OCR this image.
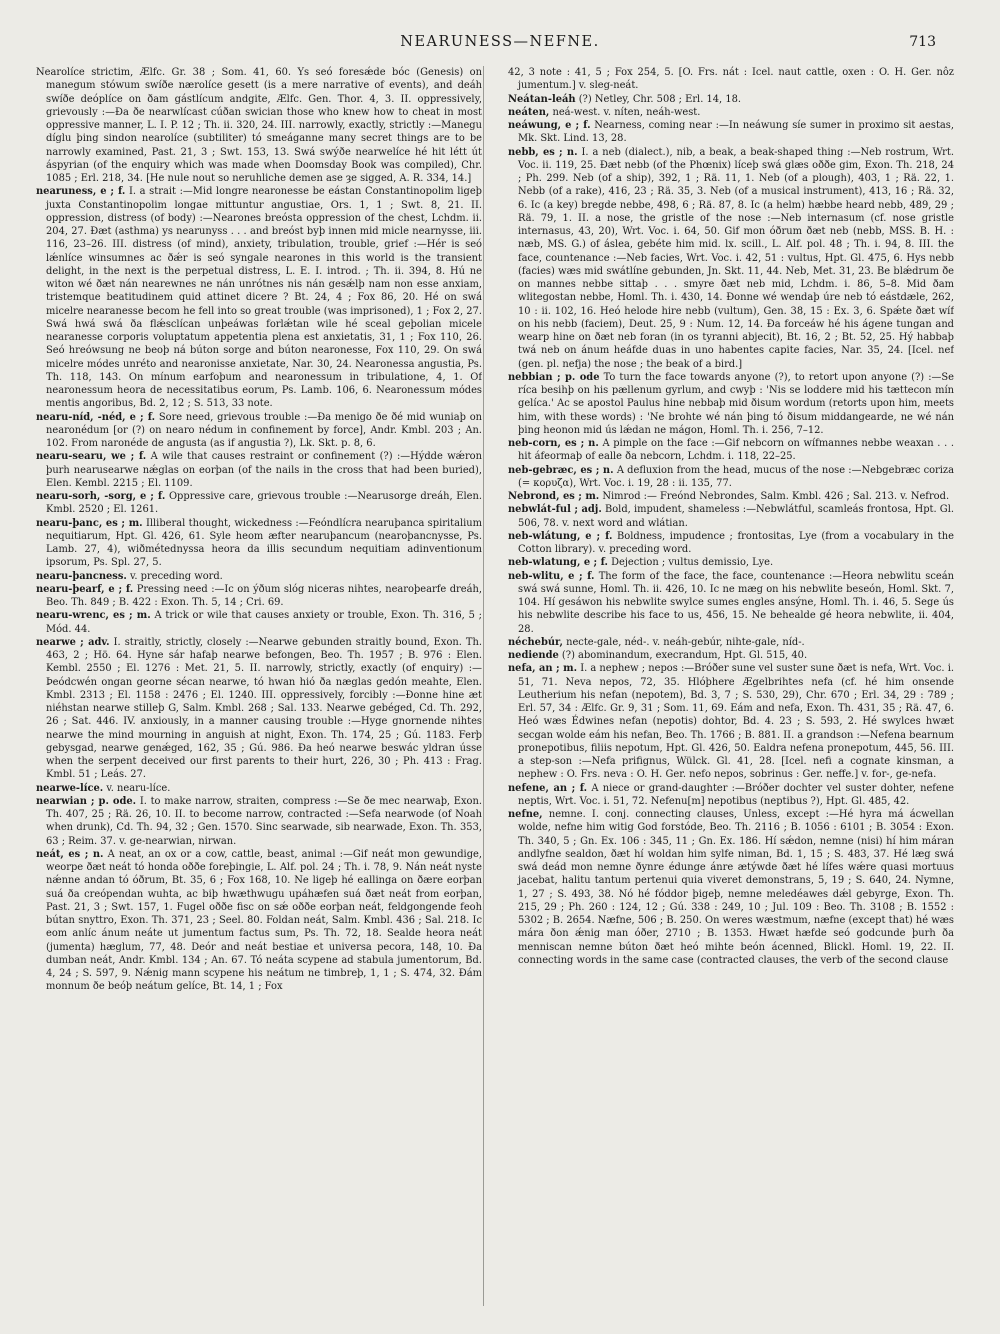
NEARUNESS—NEFNE.	713

Nearolíce strictim, Ælfc. Gr. 38 ; Som. 41, 60. Ys seó foresǽde bóc (Genesis) on manegum stówum swíðe nærolíce gesett (is a mere narrative of events), and deáh swíðe deóplíce on ðam gástlícum andgite, Ælfc. Gen. Thor. 4, 3. II. oppressively, grievously :—Ða ðe nearwlícast cúðan swician those who knew how to cheat in most oppressive manner, L. I. P. 12 ; Th. ii. 320, 24. III. narrowly, exactly, strictly :—Manegu díglu þing sindon nearolíce (subtiliter) tó smeáganne many secret things are to be narrowly examined, Past. 21, 3 ; Swt. 153, 13. Swá swýðe nearwelíce hé hit létt út áspyrian (of the enquiry which was made when Doomsday Book was compiled), Chr. 1085 ; Erl. 218, 34. [He nule nout so neruhliche demen ase ȝe sigged, A. R. 334, 14.]

nearuness, e ; f. I. a strait :—Mid longre nearonesse be eástan Constantinopolim ligeþ juxta Constantinopolim longae mittuntur angustiae, Ors. 1, 1 ; Swt. 8, 21. II. oppression, distress (of body) :—Nearones breósta oppression of the chest, Lchdm. ii. 204, 27. Ðæt (asthma) ys nearunyss . . . and breóst byþ innen mid micle nearnysse, iii. 116, 23–26. III. distress (of mind), anxiety, tribulation, trouble, grief :—Hér is seó lǽnlíce winsumnes ac ðǽr is seó syngale nearones in this world is the transient delight, in the next is the perpetual distress, L. E. I. introd. ; Th. ii. 394, 8. Hú ne witon wé ðæt nán nearewnes ne nán unrótnes nis nán gesǽlþ nam non esse anxiam, tristemque beatitudinem quid attinet dicere ? Bt. 24, 4 ; Fox 86, 20. Hé on swá micelre nearanesse becom he fell into so great trouble (was imprisoned), 1 ; Fox 2, 27. Swá hwá swá ða flǽsclícan unþeáwas forlǽtan wile hé sceal geþolian micele nearanesse corporis voluptatum appetentia plena est anxietatis, 31, 1 ; Fox 110, 26. Seó hreówsung ne beoþ ná búton sorge and búton nearonesse, Fox 110, 29. On swá micelre módes unréto and nearonisse anxietate, Nar. 30, 24. Nearonessa angustia, Ps. Th. 118, 143. On mínum earfoþum and nearonessum in tribulatione, 4, 1. Of nearonessum heora de necessitatibus eorum, Ps. Lamb. 106, 6. Nearonessum módes mentis angoribus, Bd. 2, 12 ; S. 513, 33 note.

nearu-níd, -néd, e ; f. Sore need, grievous trouble :—Ða menigo ðe ðé mid wuniaþ on nearonédum [or (?) on nearo nédum in confinement by force], Andr. Kmbl. 203 ; An. 102. From naronéde de angusta (as if angustia ?), Lk. Skt. p. 8, 6.

nearu-searu, we ; f. A wile that causes restraint or confinement (?) :—Hýdde wǽron þurh nearusearwe nǽglas on eorþan (of the nails in the cross that had been buried), Elen. Kembl. 2215 ; El. 1109.

nearu-sorh, -sorg, e ; f. Oppressive care, grievous trouble :—Nearusorge dreáh, Elen. Kmbl. 2520 ; El. 1261.

nearu-þanc, es ; m. Illiberal thought, wickedness :—Feóndlícra nearuþanca spiritalium nequitiarum, Hpt. Gl. 426, 61. Syle heom æfter nearuþancum (nearoþancnysse, Ps. Lamb. 27, 4), wiðmétednyssa heora da illis secundum nequitiam adinventionum ipsorum, Ps. Spl. 27, 5.

nearu-þancness. v. preceding word.

nearu-þearf, e ; f. Pressing need :—Ic on ýðum slóg niceras nihtes, nearoþearfe dreáh, Beo. Th. 849 ; B. 422 : Exon. Th. 5, 14 ; Cri. 69.

nearu-wrenc, es ; m. A trick or wile that causes anxiety or trouble, Exon. Th. 316, 5 ; Mód. 44.

nearwe ; adv. I. straitly, strictly, closely :—Nearwe gebunden straitly bound, Exon. Th. 463, 2 ; Hö. 64. Hyne sár hafaþ nearwe befongen, Beo. Th. 1957 ; B. 976 : Elen. Kembl. 2550 ; El. 1276 : Met. 21, 5. II. narrowly, strictly, exactly (of enquiry) :—Þeódcwén ongan georne sécan nearwe, tó hwan hió ða næglas gedón meahte, Elen. Kmbl. 2313 ; El. 1158 : 2476 ; El. 1240. III. oppressively, forcibly :—Ðonne hine æt niéhstan nearwe stilleþ G, Salm. Kmbl. 268 ; Sal. 133. Nearwe gebéged, Cd. Th. 292, 26 ; Sat. 446. IV. anxiously, in a manner causing trouble :—Hyge gnornende nihtes nearwe the mind mourning in anguish at night, Exon. Th. 174, 25 ; Gú. 1183. Ferþ gebysgad, nearwe genǽged, 162, 35 ; Gú. 986. Ða heó nearwe beswác yldran ússe when the serpent deceived our first parents to their hurt, 226, 30 ; Ph. 413 : Frag. Kmbl. 51 ; Leás. 27.

nearwe-líce. v. nearu-líce.

nearwian ; p. ode. I. to make narrow, straiten, compress :—Se ðe mec nearwaþ, Exon. Th. 407, 25 ; Rä. 26, 10. II. to become narrow, contracted :—Sefa nearwode (of Noah when drunk), Cd. Th. 94, 32 ; Gen. 1570. Sinc searwade, sib nearwade, Exon. Th. 353, 63 ; Reim. 37. v. ge-nearwian, nirwan.

neát, es ; n. A neat, an ox or a cow, cattle, beast, animal :—Gif neát mon gewundige, weorpe ðæt neát tó honda oððe foreþingie, L. Alf. pol. 24 ; Th. i. 78, 9. Nán neát nyste nǽnne andan tó óðrum, Bt. 35, 6 ; Fox 168, 10. Ne ligeþ hé eallinga on ðære eorþan suá ða creópendan wuhta, ac biþ hwæthwugu upáhæfen suá ðæt neát from eorþan, Past. 21, 3 ; Swt. 157, 1. Fugel oððe fisc on sǽ oððe eorþan neát, feldgongende feoh bútan snyttro, Exon. Th. 371, 23 ; Seel. 80. Foldan neát, Salm. Kmbl. 436 ; Sal. 218. Ic eom anlíc ánum neáte ut jumentum factus sum, Ps. Th. 72, 18. Sealde heora neát (jumenta) hæglum, 77, 48. Deór and neát bestiae et universa pecora, 148, 10. Ða dumban neát, Andr. Kmbl. 134 ; An. 67. Tó neáta scypene ad stabula jumentorum, Bd. 4, 24 ; S. 597, 9. Nǽnig mann scypene his neátum ne timbreþ, 1, 1 ; S. 474, 32. Ðám monnum ðe beóþ neátum gelíce, Bt. 14, 1 ; Fox

42, 3 note : 41, 5 ; Fox 254, 5. [O. Frs. nát : Icel. naut cattle, oxen : O. H. Ger. nôz jumentum.] v. sleg-neát.

Neátan-leáh (?) Netley, Chr. 508 ; Erl. 14, 18.

neáten, neá-west. v. níten, neáh-west.

neáwung, e ; f. Nearness, coming near :—In neáwung síe sumer in proximo sit aestas, Mk. Skt. Lind. 13, 28.

nebb, es ; n. I. a neb (dialect.), nib, a beak, a beak-shaped thing :—Neb rostrum, Wrt. Voc. ii. 119, 25. Ðæt nebb (of the Phœnix) líceþ swá glæs oððe gim, Exon. Th. 218, 24 ; Ph. 299. Neb (of a ship), 392, 1 ; Rä. 11, 1. Neb (of a plough), 403, 1 ; Rä. 22, 1. Nebb (of a rake), 416, 23 ; Rä. 35, 3. Neb (of a musical instrument), 413, 16 ; Rä. 32, 6. Ic (a key) bregde nebbe, 498, 6 ; Rä. 87, 8. Ic (a helm) hæbbe heard nebb, 489, 29 ; Rä. 79, 1. II. a nose, the gristle of the nose :—Neb internasum (cf. nose gristle internasus, 43, 20), Wrt. Voc. i. 64, 50. Gif mon óðrum ðæt neb (nebb, MSS. B. H. : næb, MS. G.) of áslea, gebéte him mid. lx. scill., L. Alf. pol. 48 ; Th. i. 94, 8. III. the face, countenance :—Neb facies, Wrt. Voc. i. 42, 51 : vultus, Hpt. Gl. 475, 6. Hys nebb (facies) wæs mid swátlíne gebunden, Jn. Skt. 11, 44. Neb, Met. 31, 23. Be blǽdrum ðe on mannes nebbe sittaþ . . . smyre ðæt neb mid, Lchdm. i. 86, 5–8. Mid ðam wlitegostan nebbe, Homl. Th. i. 430, 14. Ðonne wé wendaþ úre neb tó eástdæle, 262, 10 : ii. 102, 16. Heó helode hire nebb (vultum), Gen. 38, 15 : Ex. 3, 6. Spǽte ðæt wíf on his nebb (faciem), Deut. 25, 9 : Num. 12, 14. Ða forceáw hé his ágene tungan and wearp hine on ðæt neb foran (in os tyranni abjecit), Bt. 16, 2 ; Bt. 52, 25. Hý habbaþ twá neb on ánum heáfde duas in uno habentes capite facies, Nar. 35, 24. [Icel. nef (gen. pl. nefja) the nose ; the beak of a bird.]

nebbian ; p. ode To turn the face towards anyone (?), to retort upon anyone (?) :—Se ríca besihþ on his pællenum gyrlum, and cwyþ : 'Nis se loddere mid his tættecon mín gelíca.' Ac se apostol Paulus hine nebbaþ mid ðisum wordum (retorts upon him, meets him, with these words) : 'Ne brohte wé nán þing tó ðisum middangearde, ne wé nán þing heonon mid ús lǽdan ne mágon, Homl. Th. i. 256, 7–12.

neb-corn, es ; n. A pimple on the face :—Gif nebcorn on wífmannes nebbe weaxan . . . hit áfeormaþ of ealle ða nebcorn, Lchdm. i. 118, 22–25.

neb-gebræc, es ; n. A defluxion from the head, mucus of the nose :—Nebgebræc coriza (= κορυζα), Wrt. Voc. i. 19, 28 : ii. 135, 77.

Nebrond, es ; m. Nimrod :— Freónd Nebrondes, Salm. Kmbl. 426 ; Sal. 213. v. Nefrod.

nebwlát-ful ; adj. Bold, impudent, shameless :—Nebwlátful, scamleás frontosa, Hpt. Gl. 506, 78. v. next word and wlátian.

neb-wlátung, e ; f. Boldness, impudence ; frontositas, Lye (from a vocabulary in the Cotton library). v. preceding word.

neb-wlatung, e ; f. Dejection ; vultus demissio, Lye.

neb-wlitu, e ; f. The form of the face, the face, countenance :—Heora nebwlitu sceán swá swá sunne, Homl. Th. ii. 426, 10. Ic ne mæg on his nebwlite beseón, Homl. Skt. 7, 104. Hí gesáwon his nebwlite swylce sumes engles ansýne, Homl. Th. i. 46, 5. Sege ús his nebwlite describe his face to us, 456, 15. Ne behealde gé heora nebwlite, ii. 404, 28.

néchebúr, necte-gale, néd-. v. neáh-gebúr, nihte-gale, níd-.

nediende (?) abominandum, execrandum, Hpt. Gl. 515, 40.

nefa, an ; m. I. a nephew ; nepos :—Bróðer sune vel suster sune ðæt is nefa, Wrt. Voc. i. 51, 71. Neva nepos, 72, 35. Hlóþhere Ægelbrihtes nefa (cf. hé him onsende Leutherium his nefan (nepotem), Bd. 3, 7 ; S. 530, 29), Chr. 670 ; Erl. 34, 29 : 789 ; Erl. 57, 34 : Ælfc. Gr. 9, 31 ; Som. 11, 69. Eám and nefa, Exon. Th. 431, 35 ; Rä. 47, 6. Heó wæs Édwines nefan (nepotis) dohtor, Bd. 4. 23 ; S. 593, 2. Hé swylces hwæt secgan wolde eám his nefan, Beo. Th. 1766 ; B. 881. II. a grandson :—Nefena bearnum pronepotibus, filiis nepotum, Hpt. Gl. 426, 50. Ealdra nefena pronepotum, 445, 56. III. a step-son :—Nefa prifignus, Wülck. Gl. 41, 28. [Icel. nefi a cognate kinsman, a nephew : O. Frs. neva : O. H. Ger. nefo nepos, sobrinus : Ger. neffe.] v. for-, ge-nefa.

nefene, an ; f. A niece or grand-daughter :—Bróðer dochter vel suster dohter, nefene neptis, Wrt. Voc. i. 51, 72. Nefenu[m] nepotibus (neptibus ?), Hpt. Gl. 485, 42.

nefne, nemne. I. conj. connecting clauses, Unless, except :—Hé hyra má ácwellan wolde, nefne him witig God forstóde, Beo. Th. 2116 ; B. 1056 : 6101 ; B. 3054 : Exon. Th. 340, 5 ; Gn. Ex. 106 : 345, 11 ; Gn. Ex. 186. Hí sǽdon, nemne (nisi) hí him máran andlyfne sealdon, ðæt hí woldan him sylfe niman, Bd. 1, 15 ; S. 483, 37. Hé læg swá swá deád mon nemne ðynre édunge ánre ætýwde ðæt hé lífes wǽre quasi mortuus jacebat, halitu tantum pertenui quia viveret demonstrans, 5, 19 ; S. 640, 24. Nymne, 1, 27 ; S. 493, 38. Nó hé fóddor þigeþ, nemne meledéawes dǽl gebyrge, Exon. Th. 215, 29 ; Ph. 260 : 124, 12 ; Gú. 338 : 249, 10 ; Jul. 109 : Beo. Th. 3108 ; B. 1552 : 5302 ; B. 2654. Næfne, 506 ; B. 250. On weres wæstmum, næfne (except that) hé wæs mára ðon ǽnig man óðer, 2710 ; B. 1353. Hwæt hæfde seó godcunde þurh ða menniscan nemne búton ðæt heó mihte beón ácenned, Blickl. Homl. 19, 22. II. connecting words in the same case (contracted clauses, the verb of the second clause
